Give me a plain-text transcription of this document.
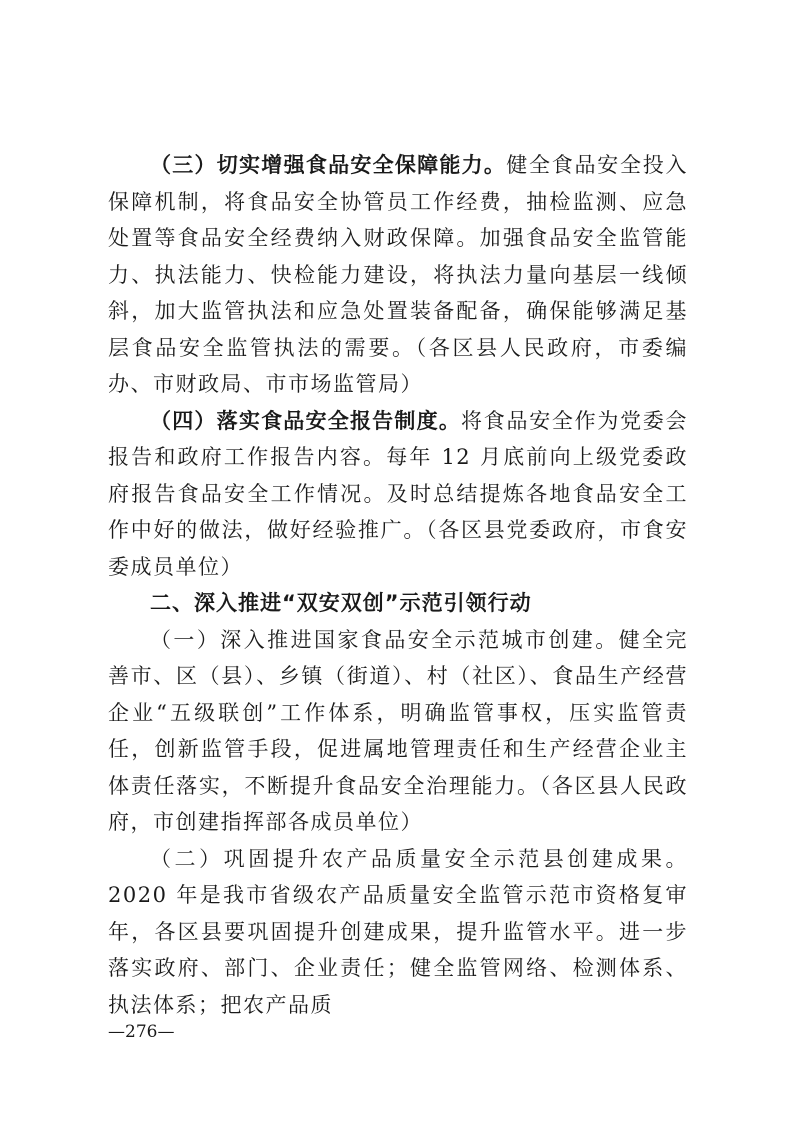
（三）切实增强食品安全保障能力。健全食品安全投入保障机制，将食品安全协管员工作经费，抽检监测、应急处置等食品安全经费纳入财政保障。加强食品安全监管能力、执法能力、快检能力建设，将执法力量向基层一线倾斜，加大监管执法和应急处置装备配备，确保能够满足基层食品安全监管执法的需要。（各区县人民政府，市委编办、市财政局、市市场监管局）

（四）落实食品安全报告制度。将食品安全作为党委会报告和政府工作报告内容。每年 12 月底前向上级党委政府报告食品安全工作情况。及时总结提炼各地食品安全工作中好的做法，做好经验推广。（各区县党委政府，市食安委成员单位）

二、深入推进“双安双创”示范引领行动

（一）深入推进国家食品安全示范城市创建。健全完善市、区（县）、乡镇（街道）、村（社区）、食品生产经营企业“五级联创”工作体系，明确监管事权，压实监管责任，创新监管手段，促进属地管理责任和生产经营企业主体责任落实，不断提升食品安全治理能力。（各区县人民政府，市创建指挥部各成员单位）

（二）巩固提升农产品质量安全示范县创建成果。2020 年是我市省级农产品质量安全监管示范市资格复审年，各区县要巩固提升创建成果，提升监管水平。进一步落实政府、部门、企业责任；健全监管网络、检测体系、执法体系；把农产品质

—276—
